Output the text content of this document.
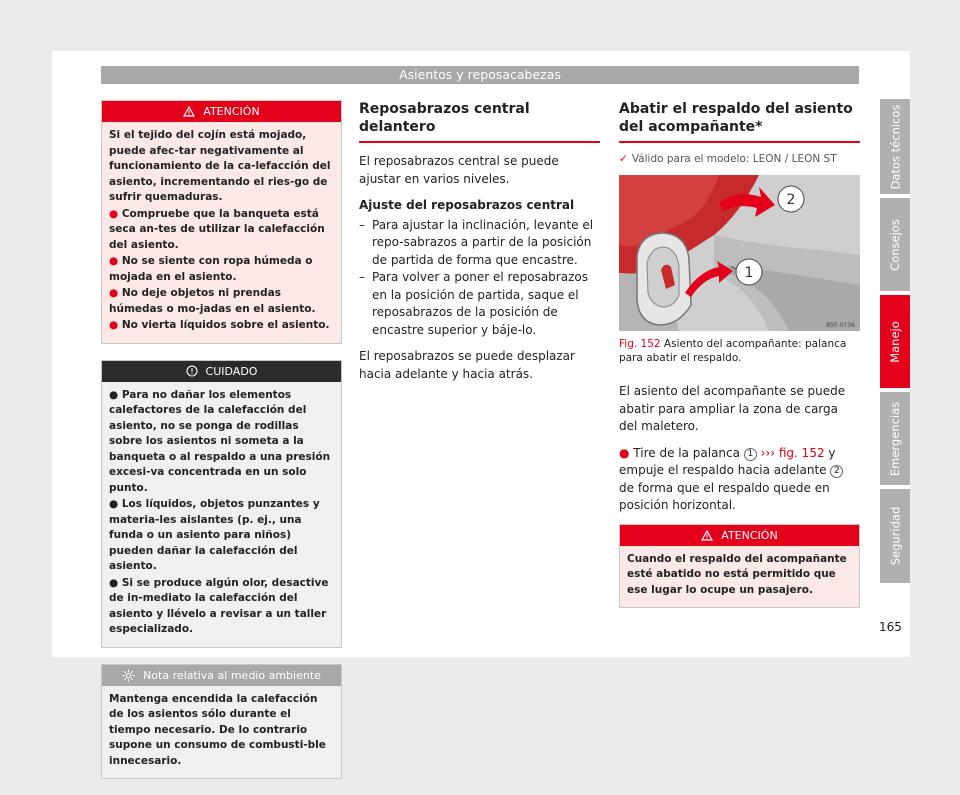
Asientos y reposacabezas
Datos técnicos
Consejos
Manejo
Emergencias
Seguridad
ATENCIÓN

Si el tejido del cojín está mojado, puede afec-tar negativamente al funcionamiento de la ca-lefacción del asiento, incrementando el ries-go de sufrir quemaduras.

● Compruebe que la banqueta está seca an-tes de utilizar la calefacción del asiento.

● No se siente con ropa húmeda o mojada en el asiento.

● No deje objetos ni prendas húmedas o mo-jadas en el asiento.

● No vierta líquidos sobre el asiento.

CUIDADO

● Para no dañar los elementos calefactores de la calefacción del asiento, no se ponga de rodillas sobre los asientos ni someta a la banqueta o al respaldo a una presión excesi-va concentrada en un solo punto.

● Los líquidos, objetos punzantes y materia-les aislantes (p. ej., una funda o un asiento para niños) pueden dañar la calefacción del asiento.

● Si se produce algún olor, desactive de in-mediato la calefacción del asiento y llévelo a revisar a un taller especializado.

Nota relativa al medio ambiente

Mantenga encendida la calefacción de los asientos sólo durante el tiempo necesario. De lo contrario supone un consumo de combusti-ble innecesario.

Reposabrazos central delantero

El reposabrazos central se puede ajustar en varios niveles.

Ajuste del reposabrazos central

– Para ajustar la inclinación, levante el repo-sabrazos a partir de la posición de partida de forma que encastre.
– Para volver a poner el reposabrazos en la posición de partida, saque el reposabrazos de la posición de encastre superior y báje-lo.

El reposabrazos se puede desplazar hacia adelante y hacia atrás.

Abatir el respaldo del asiento del acompañante*
✓ Válido para el modelo: LEON / LEON ST
1
2
B5F-0736
Fig. 152 Asiento del acompañante: palanca para abatir el respaldo.

El asiento del acompañante se puede abatir para ampliar la zona de carga del maletero.

● Tire de la palanca 1 ››› fig. 152 y empuje el respaldo hacia adelante 2 de forma que el respaldo quede en posición horizontal.

ATENCIÓN

Cuando el respaldo del acompañante esté abatido no está permitido que ese lugar lo ocupe un pasajero.

165
